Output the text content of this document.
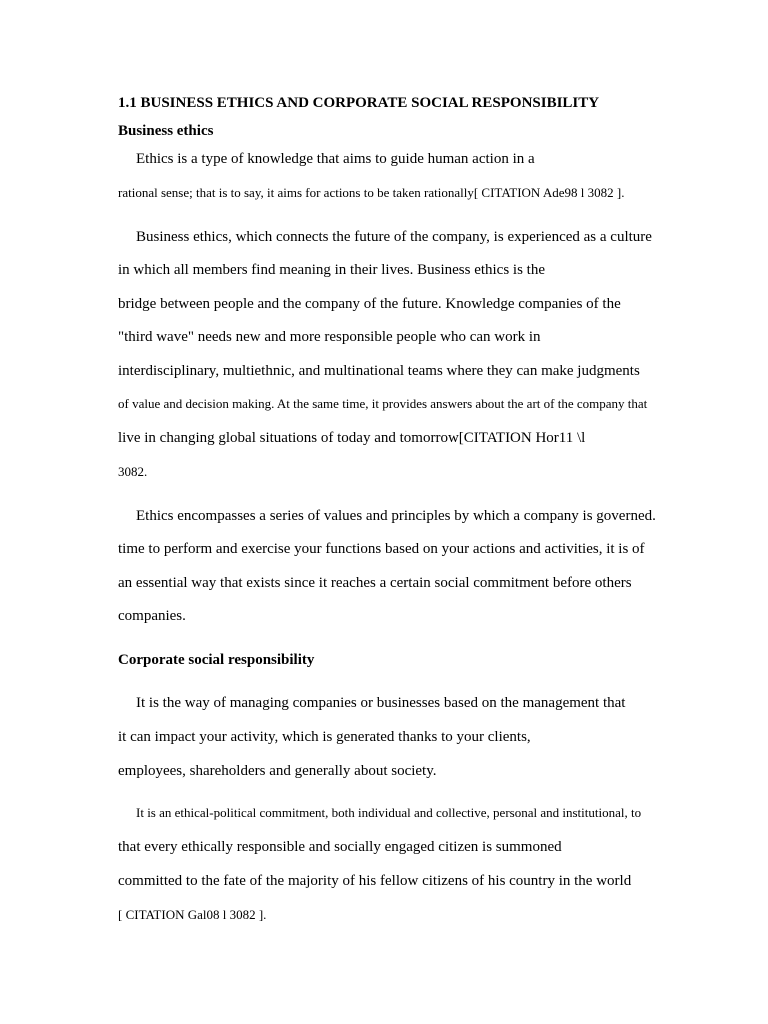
1.1 BUSINESS ETHICS AND CORPORATE SOCIAL RESPONSIBILITY

Business ethics

Ethics is a type of knowledge that aims to guide human action in a

rational sense; that is to say, it aims for actions to be taken rationally[ CITATION Ade98 l 3082 ].

Business ethics, which connects the future of the company, is experienced as a culture

in which all members find meaning in their lives. Business ethics is the

bridge between people and the company of the future. Knowledge companies of the

"third wave" needs new and more responsible people who can work in

interdisciplinary, multiethnic, and multinational teams where they can make judgments

of value and decision making. At the same time, it provides answers about the art of the company that

live in changing global situations of today and tomorrow[CITATION Hor11 \l

3082.

Ethics encompasses a series of values and principles by which a company is governed.

time to perform and exercise your functions based on your actions and activities, it is of

an essential way that exists since it reaches a certain social commitment before others

companies.

Corporate social responsibility

It is the way of managing companies or businesses based on the management that

it can impact your activity, which is generated thanks to your clients,

employees, shareholders and generally about society.

It is an ethical-political commitment, both individual and collective, personal and institutional, to

that every ethically responsible and socially engaged citizen is summoned

committed to the fate of the majority of his fellow citizens of his country in the world

[ CITATION Gal08 l 3082 ].
